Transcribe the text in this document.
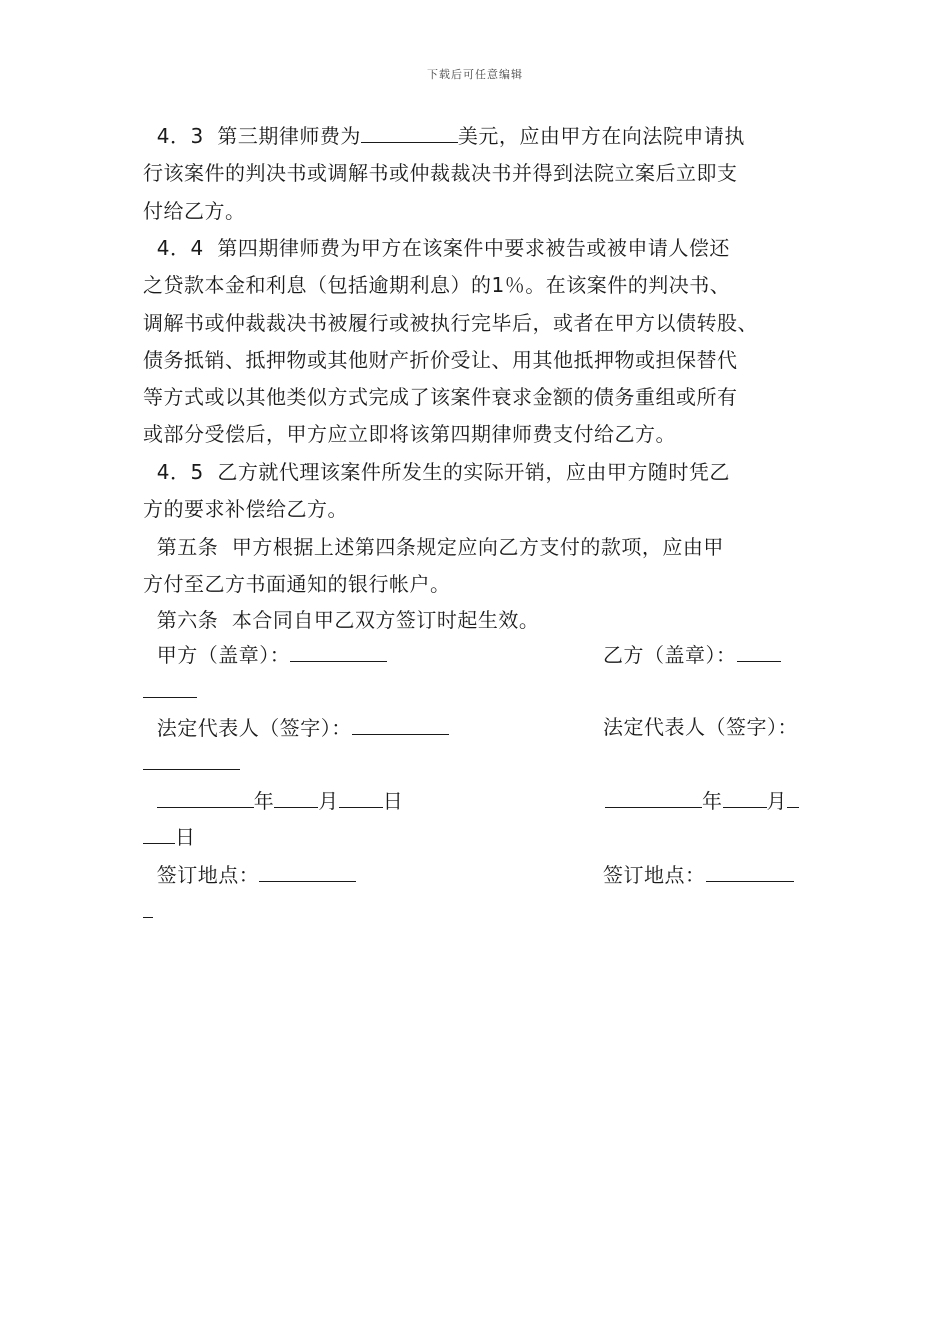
下载后可任意编辑
4．3  第三期律师费为	美元，应由甲方在向法院申请执
行该案件的判决书或调解书或仲裁裁决书并得到法院立案后立即支
付给乙方。
4．4  第四期律师费为甲方在该案件中要求被告或被申请人偿还
之贷款本金和利息（包括逾期利息）的1％。在该案件的判决书、
调解书或仲裁裁决书被履行或被执行完毕后，或者在甲方以债转股、
债务抵销、抵押物或其他财产折价受让、用其他抵押物或担保替代
等方式或以其他类似方式完成了该案件衰求金额的债务重组或所有
或部分受偿后，甲方应立即将该第四期律师费支付给乙方。
4．5  乙方就代理该案件所发生的实际开销，应由甲方随时凭乙
方的要求补偿给乙方。
第五条  甲方根据上述第四条规定应向乙方支付的款项，应由甲
方付至乙方书面通知的银行帐户。
第六条  本合同自甲乙双方签订时起生效。
甲方（盖章）：	乙方（盖章）：
法定代表人（签字）：	法定代表人（签字）：
年 月 日	年 月
日
签订地点：	签订地点：
